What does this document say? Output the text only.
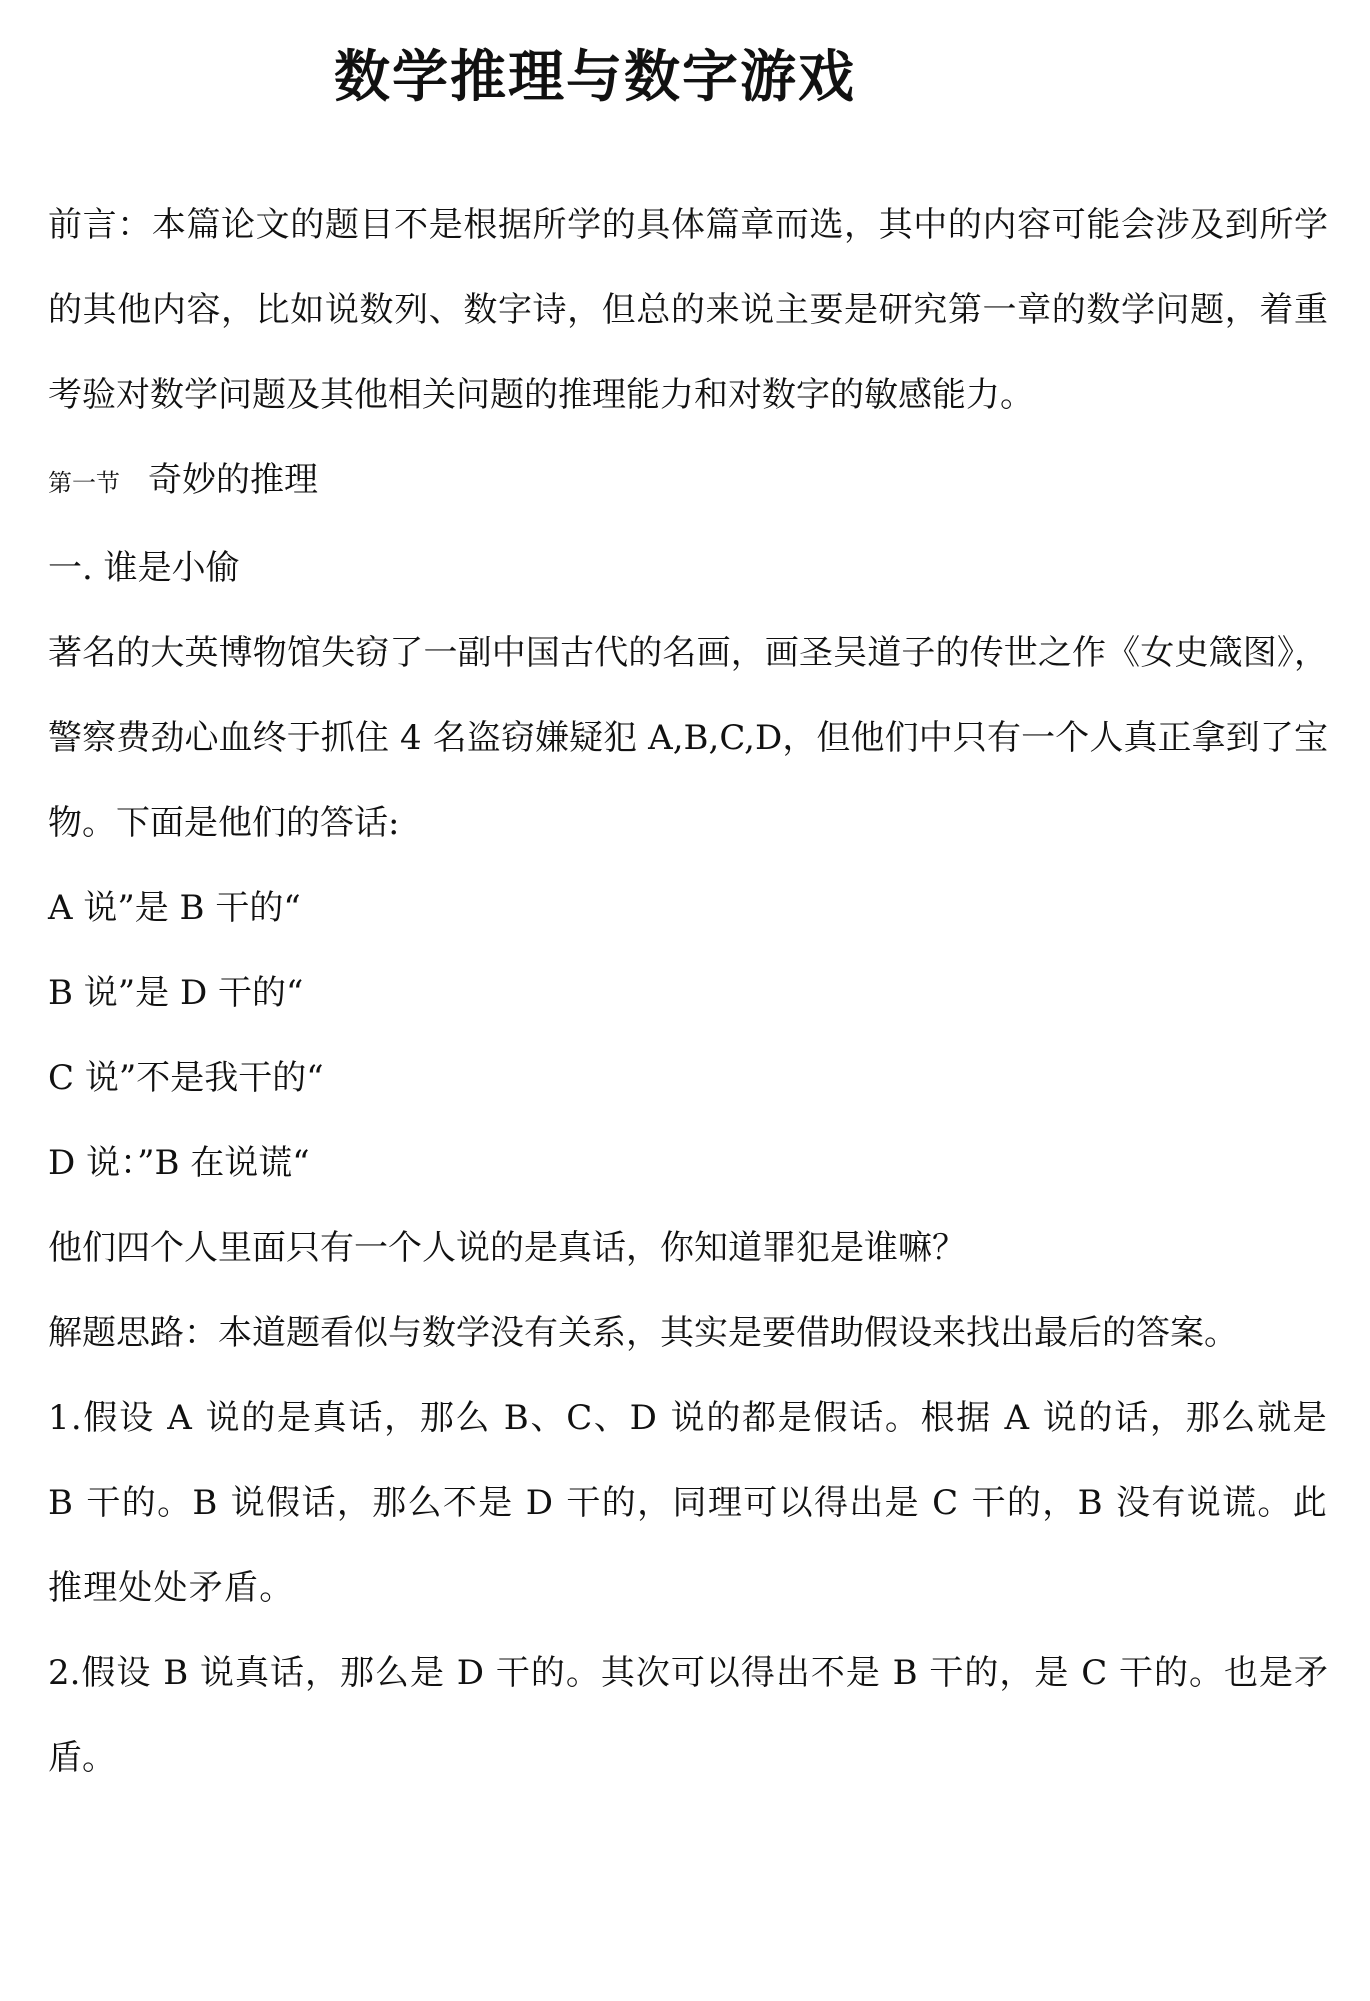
数学推理与数字游戏

前言：本篇论文的题目不是根据所学的具体篇章而选，其中的内容可能会涉及到所学的其他内容，比如说数列、数字诗，但总的来说主要是研究第一章的数学问题，着重考验对数学问题及其他相关问题的推理能力和对数字的敏感能力。

第一节 奇妙的推理

一. 谁是小偷

著名的大英博物馆失窃了一副中国古代的名画，画圣吴道子的传世之作《女史箴图》，警察费劲心血终于抓住 4 名盗窃嫌疑犯 A,B,C,D，但他们中只有一个人真正拿到了宝物。下面是他们的答话:

A 说”是 B 干的“

B 说”是 D 干的“

C 说”不是我干的“

D 说：”B 在说谎“

他们四个人里面只有一个人说的是真话，你知道罪犯是谁嘛？

解题思路：本道题看似与数学没有关系，其实是要借助假设来找出最后的答案。

1.假设 A 说的是真话，那么 B、C、D 说的都是假话。根据 A 说的话，那么就是 B 干的。B 说假话，那么不是 D 干的，同理可以得出是 C 干的，B 没有说谎。此推理处处矛盾。

2.假设 B 说真话，那么是 D 干的。其次可以得出不是 B 干的，是 C 干的。也是矛盾。
